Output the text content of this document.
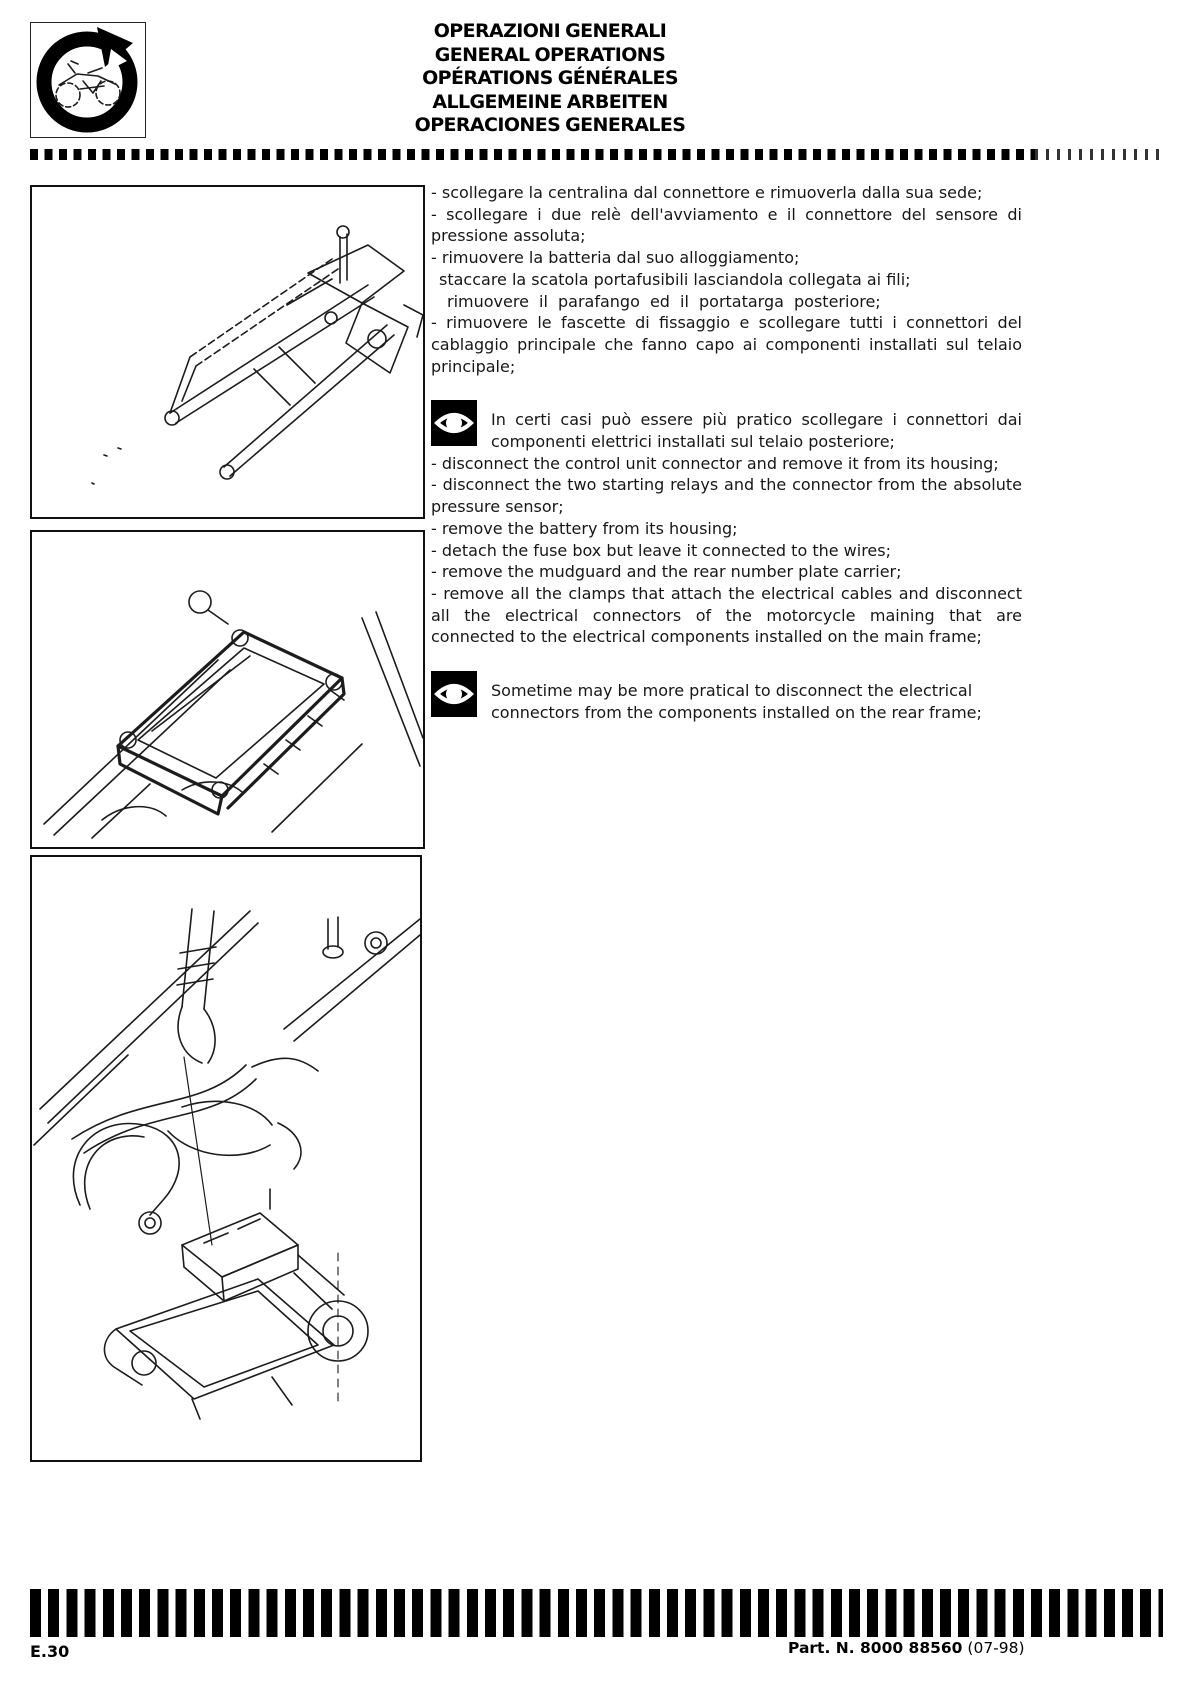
OPERAZIONI GENERALI
GENERAL OPERATIONS
OPÉRATIONS GÉNÉRALES
ALLGEMEINE ARBEITEN
OPERACIONES GENERALES
- scollegare la centralina dal connettore e rimuoverla dalla sua sede;
- scollegare i due relè dell'avviamento e il connettore del sensore di pressione assoluta;
- rimuovere la batteria dal suo alloggiamento;
staccare la scatola portafusibili lasciandola collegata ai fili;
rimuovere il parafango ed il portatarga posteriore;
- rimuovere le fascette di fissaggio e scollegare tutti i connettori del cablaggio principale che fanno capo ai componenti installati sul telaio principale;
In certi casi può essere più pratico scollegare i connettori dai componenti elettrici installati sul telaio posteriore;
- disconnect the control unit connector and remove it from its housing;
- disconnect the two starting relays and the connector from the absolute pressure sensor;
- remove the battery from its housing;
- detach the fuse box but leave it connected to the wires;
- remove the mudguard and the rear number plate carrier;
- remove all the clamps that attach the electrical cables and disconnect all the electrical connectors of the motorcycle maining that are connected to the electrical components installed on the main frame;
Sometime may be more pratical to disconnect the electrical connectors from the components installed on the rear frame;
E.30	Part. N. 8000 88560 (07-98)
